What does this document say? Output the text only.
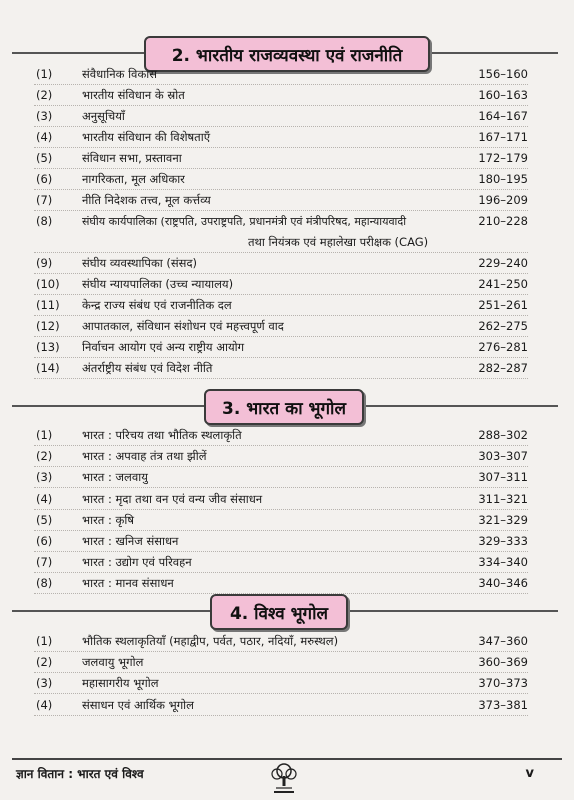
2. भारतीय राजव्यवस्था एवं राजनीति
(1)	संवैधानिक विकास	156–160
(2)	भारतीय संविधान के स्रोत	160–163
(3)	अनुसूचियाँ	164–167
(4)	भारतीय संविधान की विशेषताएँ	167–171
(5)	संविधान सभा, प्रस्तावना	172–179
(6)	नागरिकता, मूल अधिकार	180–195
(7)	नीति निदेशक तत्त्व, मूल कर्त्तव्य	196–209
(8)	संघीय कार्यपालिका (राष्ट्रपति, उपराष्ट्रपति, प्रधानमंत्री एवं मंत्रीपरिषद, महान्यायवादी	210–228
तथा नियंत्रक एवं महालेखा परीक्षक (CAG)
(9)	संघीय व्यवस्थापिका (संसद)	229–240
(10)	संघीय न्यायपालिका (उच्च न्यायालय)	241–250
(11)	केन्द्र राज्य संबंध एवं राजनीतिक दल	251–261
(12)	आपातकाल, संविधान संशोधन एवं महत्त्वपूर्ण वाद	262–275
(13)	निर्वाचन आयोग एवं अन्य राष्ट्रीय आयोग	276–281
(14)	अंतर्राष्ट्रीय संबंध एवं विदेश नीति	282–287
3. भारत का भूगोल
(1)	भारत : परिचय तथा भौतिक स्थलाकृति	288–302
(2)	भारत : अपवाह तंत्र तथा झीलें	303–307
(3)	भारत : जलवायु	307–311
(4)	भारत : मृदा तथा वन एवं वन्य जीव संसाधन	311–321
(5)	भारत : कृषि	321–329
(6)	भारत : खनिज संसाधन	329–333
(7)	भारत : उद्योग एवं परिवहन	334–340
(8)	भारत : मानव संसाधन	340–346
4. विश्व भूगोल
(1)	भौतिक स्थलाकृतियाँ (महाद्वीप, पर्वत, पठार, नदियाँ, मरुस्थल)	347–360
(2)	जलवायु भूगोल	360–369
(3)	महासागरीय भूगोल	370–373
(4)	संसाधन एवं आर्थिक भूगोल	373–381
ज्ञान वितान : भारत एवं विश्व	v
